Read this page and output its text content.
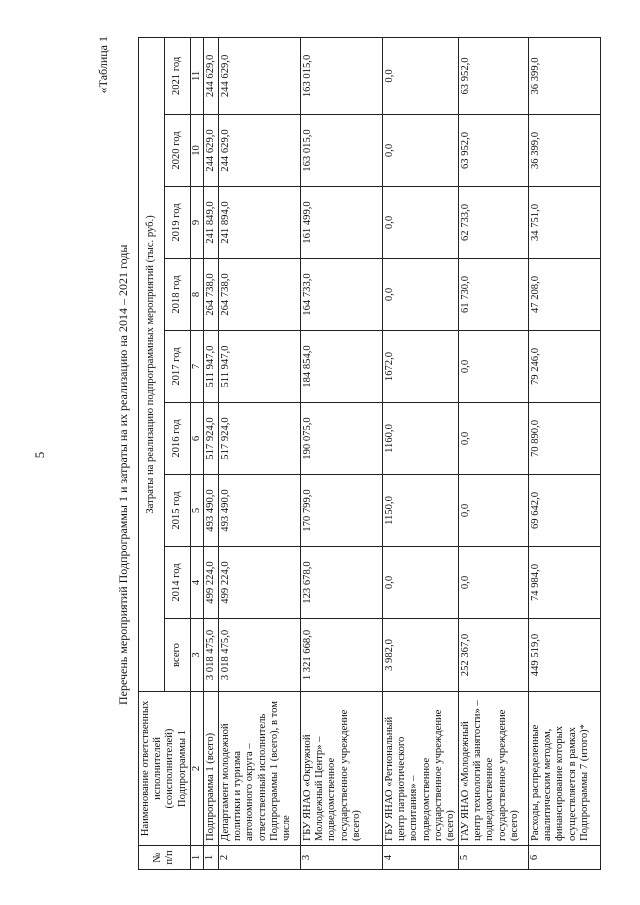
5
«Таблица 1
Перечень мероприятий Подпрограммы 1 и затраты на их реализацию на 2014 – 2021 годы
№ п/п	Наименование ответственных исполнителей (соисполнителей) Подпрограммы 1	Затраты на реализацию подпрограммных мероприятий (тыс. руб.)								
		всего	2014 год	2015 год	2016 год	2017 год	2018 год	2019 год	2020 год	2021 год
1	2	3	4	5	6	7	8	9	10	11
1	Подпрограмма 1 (всего)	3 018 475,0	499 224,0	493 490,0	517 924,0	511 947,0	264 738,0	241 849,0	244 629,0	244 629,0
2	Департамент молодежной политики и туризма автономного округа – ответственный исполнитель Подпрограммы 1 (всего), в том числе	3 018 475,0	499 224,0	493 490,0	517 924,0	511 947,0	264 738,0	241 894,0	244 629,0	244 629,0
3	ГБУ ЯНАО «Окружной Молодежный Центр» – подведомственное государственное учреждение (всего)	1 321 668,0	123 678,0	170 799,0	190 075,0	184 854,0	164 733,0	161 499,0	163 015,0	163 015,0
4	ГБУ ЯНАО «Региональный центр патриотического воспитания» – подведомственное государственное учреждение (всего)	3 982,0	0,0	1150,0	1160,0	1672,0	0,0	0,0	0,0	0,0
5	ГАУ ЯНАО «Молодежный центр технологий занятости» – подведомственное государственное учреждение (всего)	252 367,0	0,0	0,0	0,0	0,0	61 730,0	62 733,0	63 952,0	63 952,0
6	Расходы, распределенные аналитическим методом, финансирование которых осуществляется в рамках Подпрограммы 7 (итого)*	449 519,0	74 984,0	69 642,0	70 890,0	79 246,0	47 208,0	34 751,0	36 399,0	36 399,0
